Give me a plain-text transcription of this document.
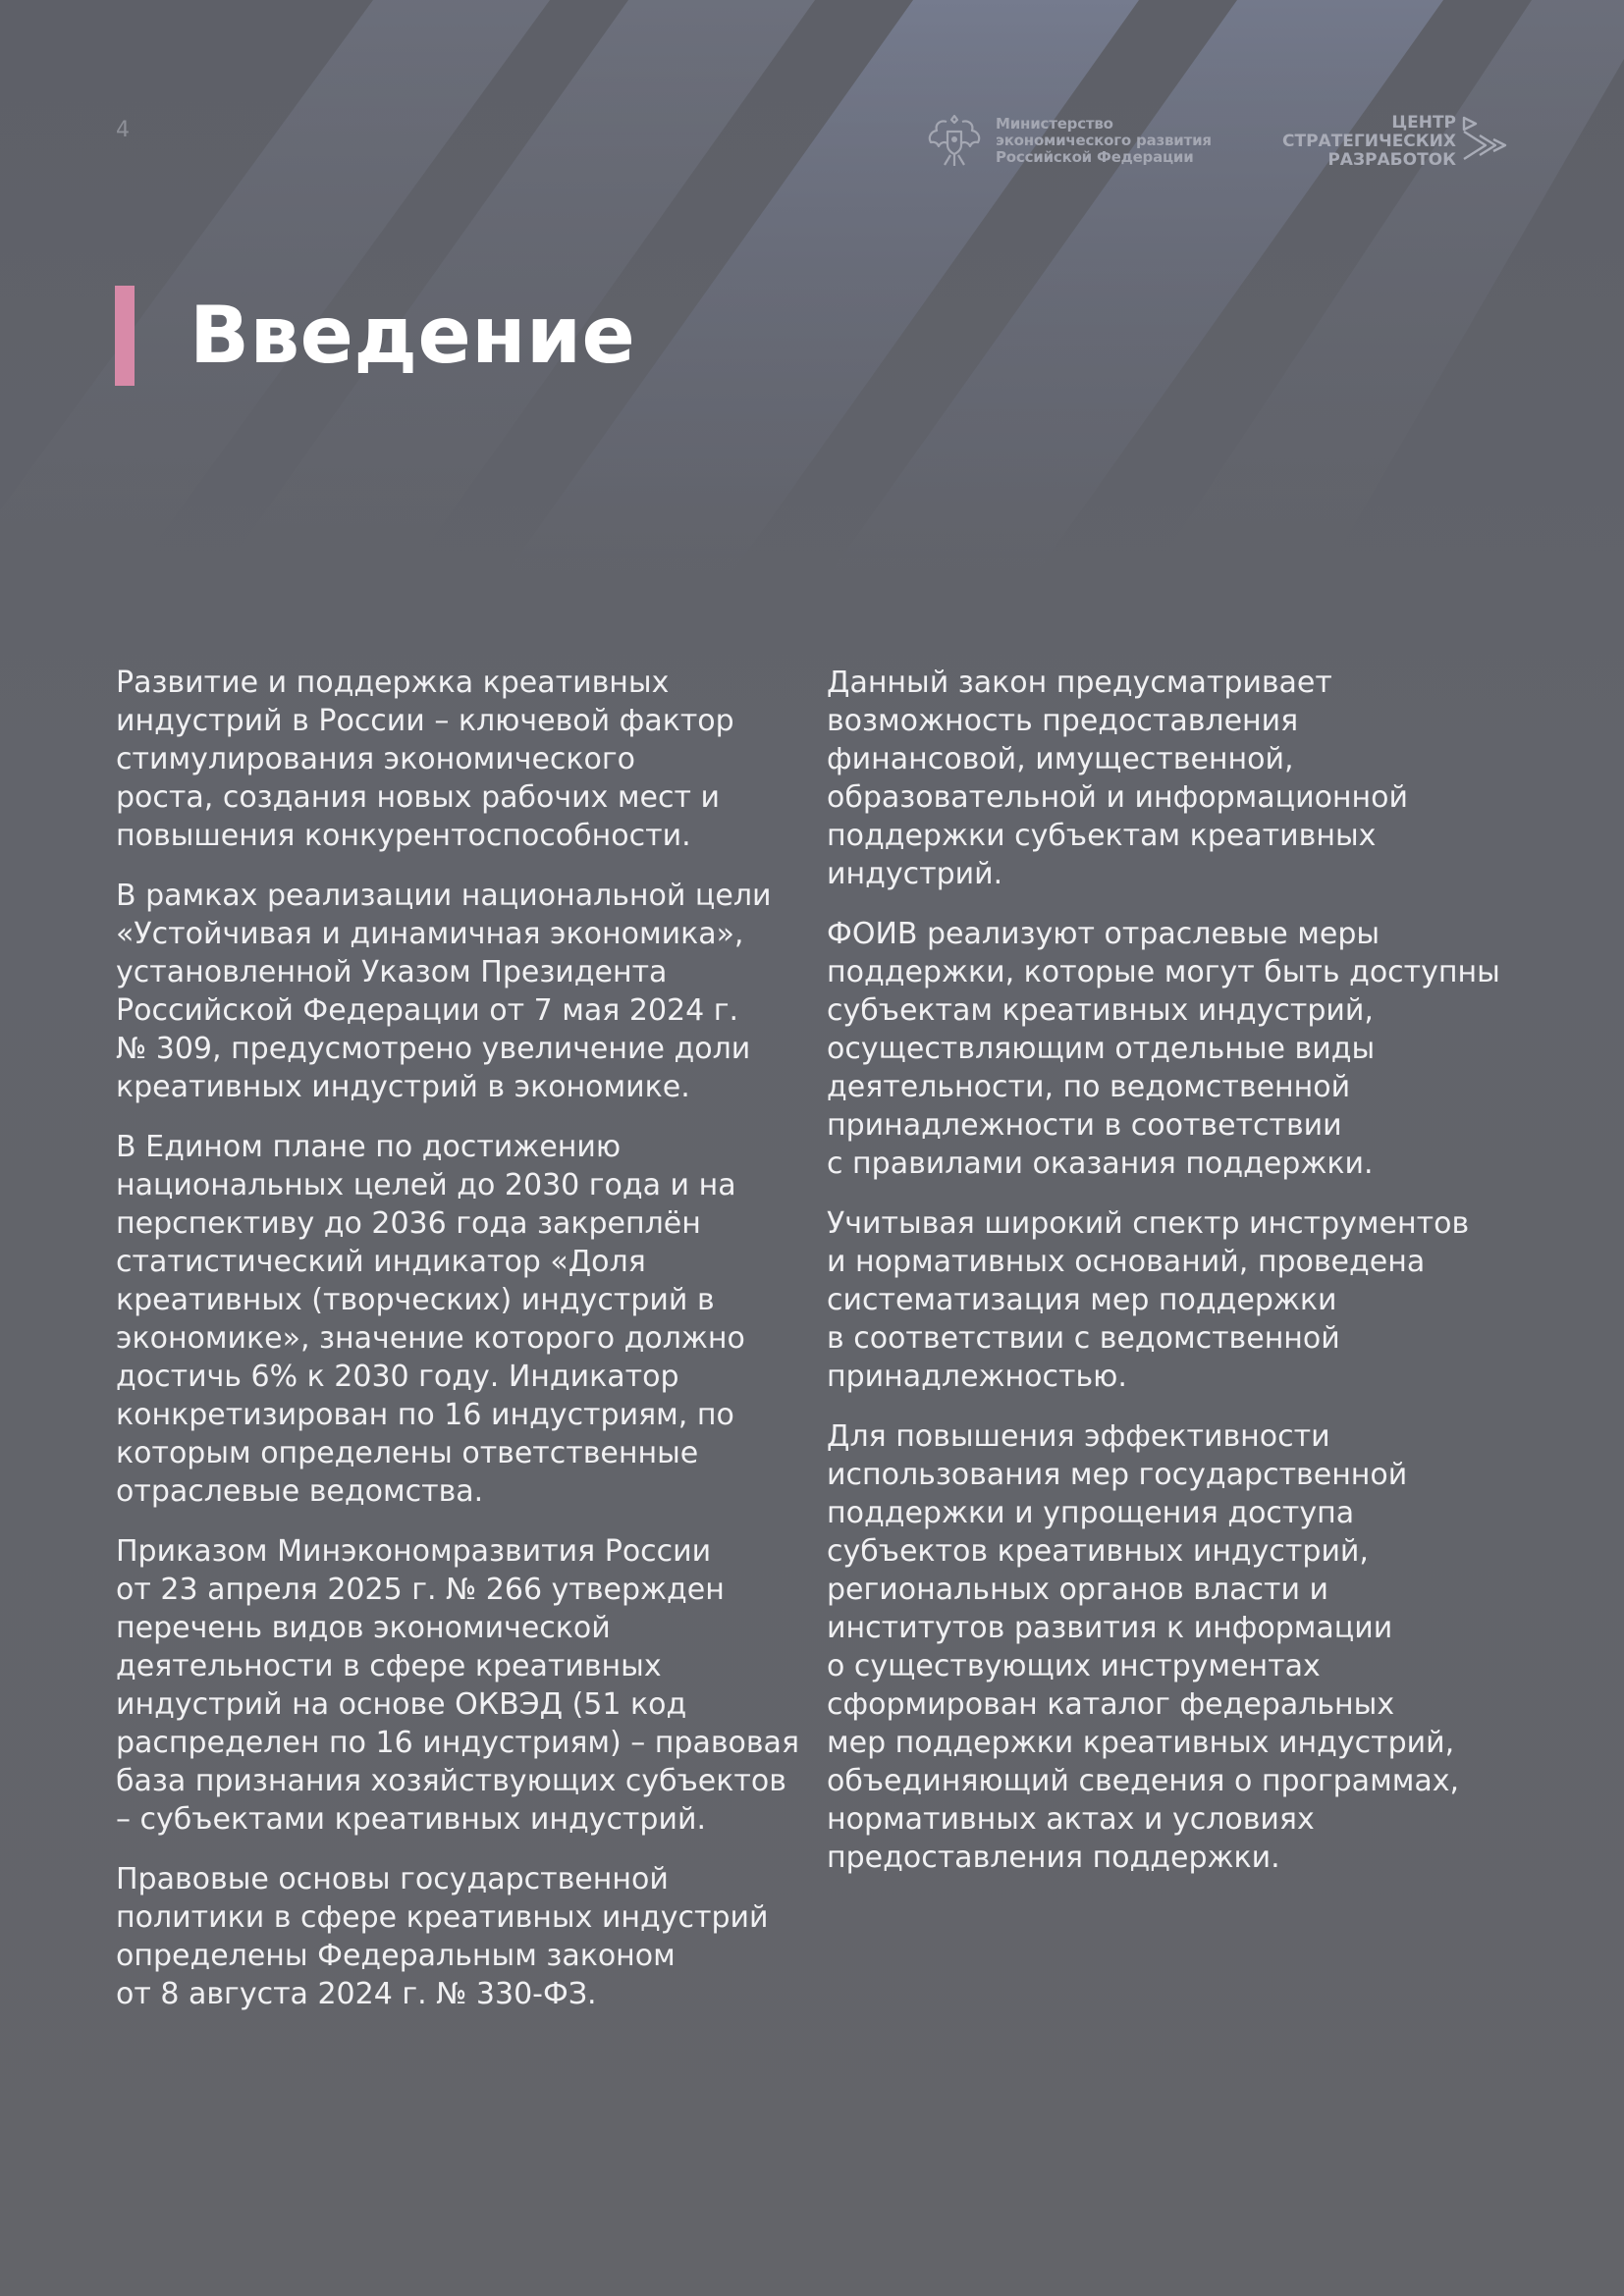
4	Министерство
экономического развития
Российской Федерации
ЦЕНТР
СТРАТЕГИЧЕСКИХ
РАЗРАБОТОК
Введение

Развитие и поддержка креативных
индустрий в России – ключевой фактор
стимулирования экономического
роста, создания новых рабочих мест и
повышения конкурентоспособности.

В рамках реализации национальной цели
«Устойчивая и динамичная экономика»,
установленной Указом Президента
Российской Федерации от 7 мая 2024 г.
№ 309, предусмотрено увеличение доли
креативных индустрий в экономике.

В Едином плане по достижению
национальных целей до 2030 года и на
перспективу до 2036 года закреплён
статистический индикатор «Доля
креативных (творческих) индустрий в
экономике», значение которого должно
достичь 6% к 2030 году. Индикатор
конкретизирован по 16 индустриям, по
которым определены ответственные
отраслевые ведомства.

Приказом Минэкономразвития России
от 23 апреля 2025 г. № 266 утвержден
перечень видов экономической
деятельности в сфере креативных
индустрий на основе ОКВЭД (51 код
распределен по 16 индустриям) – правовая
база признания хозяйствующих субъектов
– субъектами креативных индустрий.

Правовые основы государственной
политики в сфере креативных индустрий
определены Федеральным законом
от 8 августа 2024 г. № 330-ФЗ.

Данный закон предусматривает
возможность предоставления
финансовой, имущественной,
образовательной и информационной
поддержки субъектам креативных
индустрий.

ФОИВ реализуют отраслевые меры
поддержки, которые могут быть доступны
субъектам креативных индустрий,
осуществляющим отдельные виды
деятельности, по ведомственной
принадлежности в соответствии
с правилами оказания поддержки.

Учитывая широкий спектр инструментов
и нормативных оснований, проведена
систематизация мер поддержки
в соответствии с ведомственной
принадлежностью.

Для повышения эффективности
использования мер государственной
поддержки и упрощения доступа
субъектов креативных индустрий,
региональных органов власти и
институтов развития к информации
о существующих инструментах
сформирован каталог федеральных
мер поддержки креативных индустрий,
объединяющий сведения о программах,
нормативных актах и условиях
предоставления поддержки.
